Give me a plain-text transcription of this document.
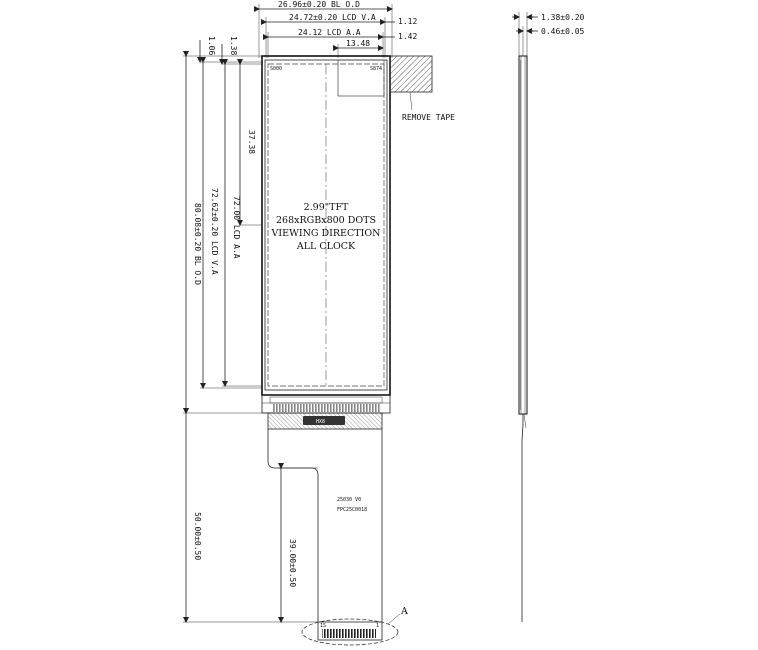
26.96±0.20 BL O.D
24.72±0.20 LCD V.A	1.12
24.12 LCD A.A	1.42
13.48
1.06 1.38
37.38
80.08±0.20 BL O.D 72.62±0.20 LCD V.A 72.00 LCD A.A
50.00±0.50
39.00±0.50
S000	S874
2.99"TFT
268xRGBx800 DOTS
VIEWING DIRECTION
ALL CLOCK
REMOVE TAPE
HX8
25030 V0
FPC25C0018
1S	1
A
1.38±0.20
0.46±0.05
